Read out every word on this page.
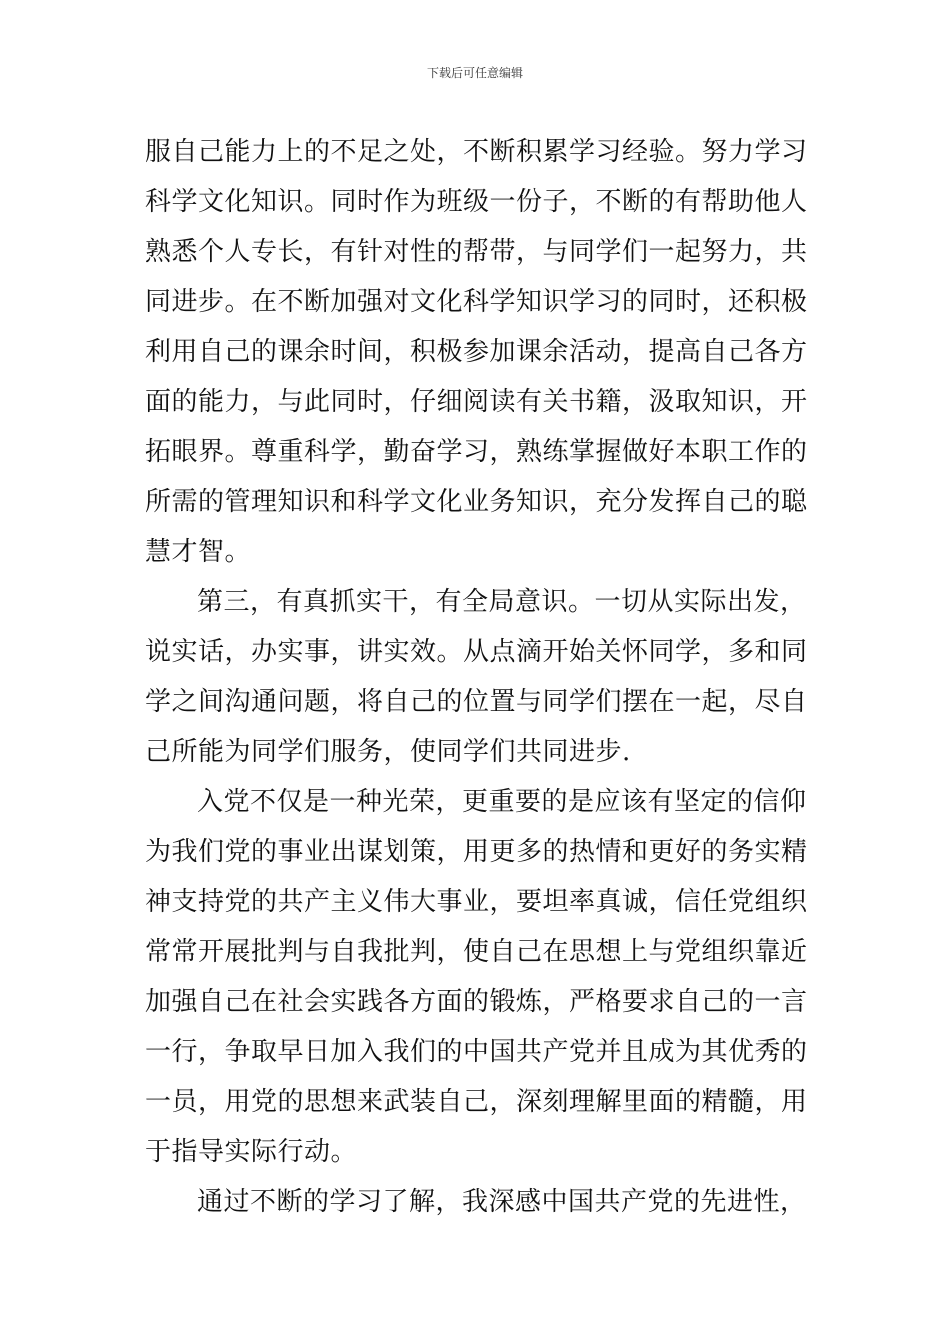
下载后可任意编辑
服自己能力上的不足之处，不断积累学习经验。努力学习
科学文化知识。同时作为班级一份子，不断的有帮助他人
熟悉个人专长，有针对性的帮带，与同学们一起努力，共
同进步。在不断加强对文化科学知识学习的同时，还积极
利用自己的课余时间，积极参加课余活动，提高自己各方
面的能力，与此同时，仔细阅读有关书籍，汲取知识，开
拓眼界。尊重科学，勤奋学习，熟练掌握做好本职工作的
所需的管理知识和科学文化业务知识，充分发挥自己的聪
慧才智。
第三，有真抓实干，有全局意识。一切从实际出发，
说实话，办实事，讲实效。从点滴开始关怀同学，多和同
学之间沟通问题，将自己的位置与同学们摆在一起，尽自
己所能为同学们服务，使同学们共同进步.
入党不仅是一种光荣，更重要的是应该有坚定的信仰
为我们党的事业出谋划策，用更多的热情和更好的务实精
神支持党的共产主义伟大事业，要坦率真诚，信任党组织
常常开展批判与自我批判，使自己在思想上与党组织靠近
加强自己在社会实践各方面的锻炼，严格要求自己的一言
一行，争取早日加入我们的中国共产党并且成为其优秀的
一员，用党的思想来武装自己，深刻理解里面的精髓，用
于指导实际行动。
通过不断的学习了解，我深感中国共产党的先进性，
